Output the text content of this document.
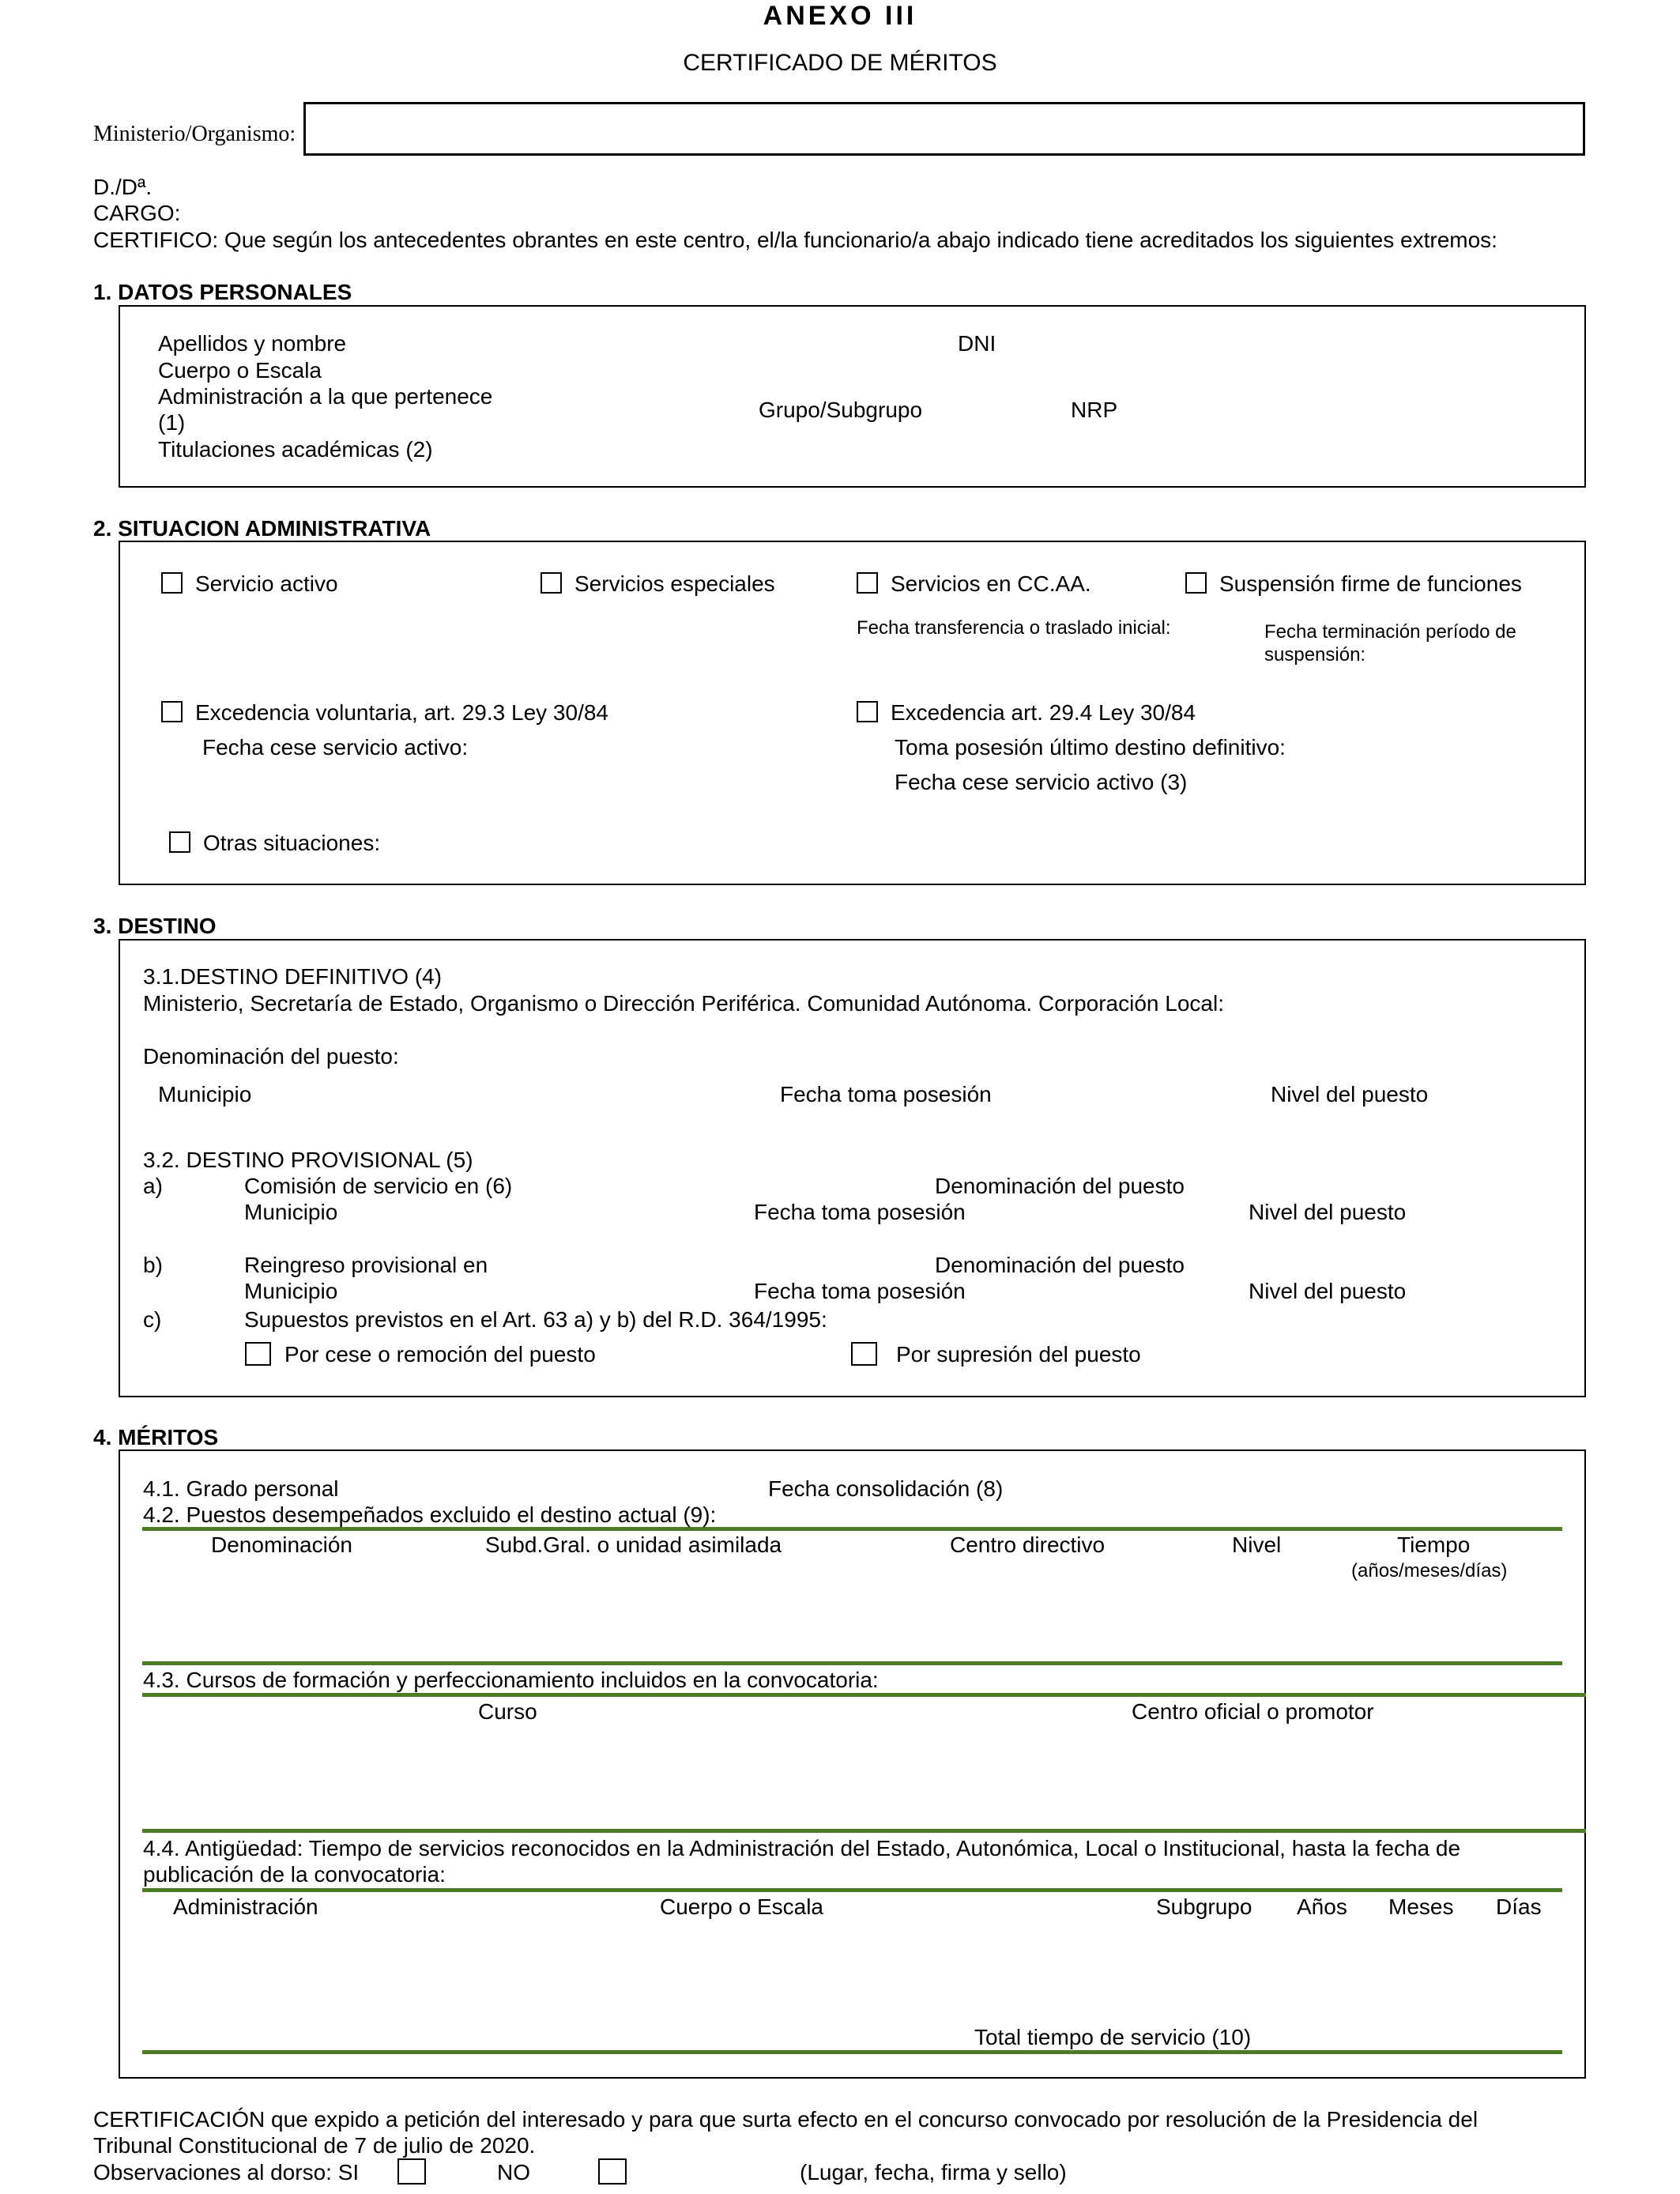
ANEXO III
CERTIFICADO DE MÉRITOS
Ministerio/Organismo:
D./Dª.
CARGO:
CERTIFICO: Que según los antecedentes obrantes en este centro, el/la funcionario/a abajo indicado tiene acreditados los siguientes extremos:
1. DATOS PERSONALES
Apellidos y nombre	DNI
Cuerpo o Escala
Administración a la que pertenece
(1)
Grupo/Subgrupo	NRP
Titulaciones académicas (2)
2. SITUACION ADMINISTRATIVA
Servicio activo	Servicios especiales	Servicios en CC.AA.	Suspensión firme de funciones
Fecha transferencia o traslado inicial:	Fecha terminación período de
suspensión:
Excedencia voluntaria, art. 29.3 Ley 30/84
Fecha cese servicio activo:
Excedencia art. 29.4 Ley 30/84
Toma posesión último destino definitivo:
Fecha cese servicio activo (3)
Otras situaciones:
3. DESTINO
3.1.DESTINO DEFINITIVO (4)
Ministerio, Secretaría de Estado, Organismo o Dirección Periférica. Comunidad Autónoma. Corporación Local:
Denominación del puesto:
Municipio	Fecha toma posesión	Nivel del puesto
3.2. DESTINO PROVISIONAL (5)
a)	Comisión de servicio en (6)	Denominación del puesto
Municipio	Fecha toma posesión	Nivel del puesto
b)	Reingreso provisional en	Denominación del puesto
Municipio	Fecha toma posesión	Nivel del puesto
c)	Supuestos previstos en el Art. 63 a) y b) del R.D. 364/1995:
Por cese o remoción del puesto	Por supresión del puesto
4. MÉRITOS
4.1. Grado personal	Fecha consolidación (8)
4.2. Puestos desempeñados excluido el destino actual (9):
Denominación	Subd.Gral. o unidad asimilada	Centro directivo	Nivel	Tiempo
(años/meses/días)
4.3. Cursos de formación y perfeccionamiento incluidos en la convocatoria:
Curso	Centro oficial o promotor
4.4. Antigüedad: Tiempo de servicios reconocidos en la Administración del Estado, Autonómica, Local o Institucional, hasta la fecha de
publicación de la convocatoria:
Administración	Cuerpo o Escala	Subgrupo Años Meses Días
Total tiempo de servicio (10)
CERTIFICACIÓN que expido a petición del interesado y para que surta efecto en el concurso convocado por resolución de la Presidencia del
Tribunal Constitucional de 7 de julio de 2020.
Observaciones al dorso: SI	NO	(Lugar, fecha, firma y sello)
